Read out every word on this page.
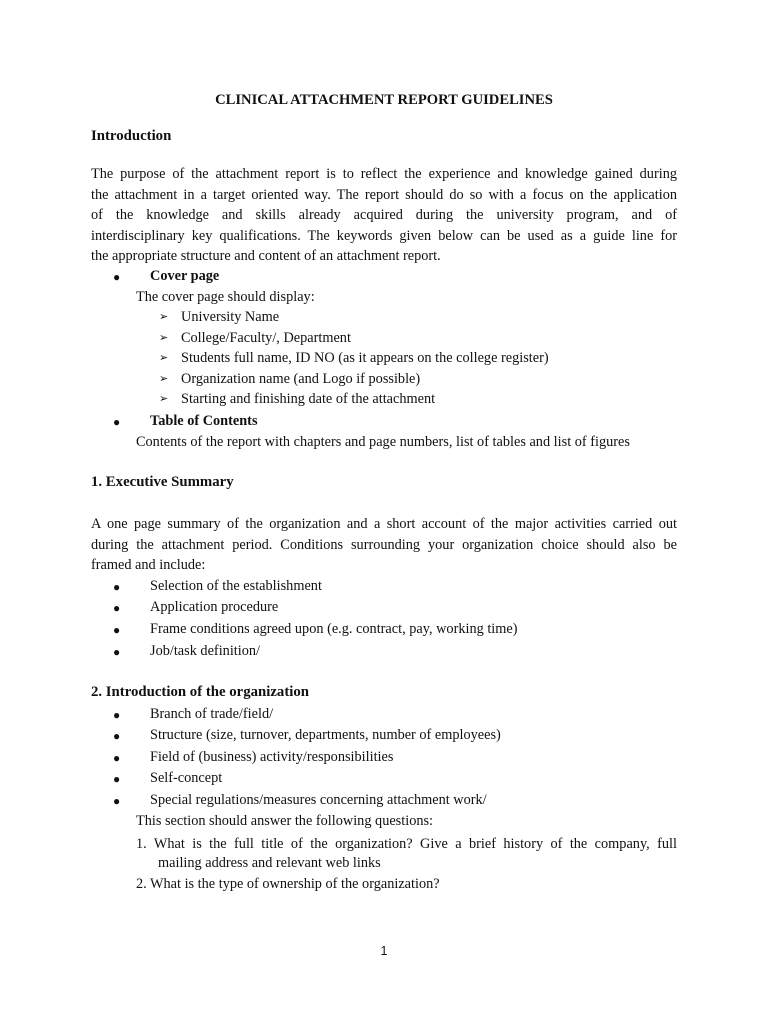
CLINICAL ATTACHMENT REPORT GUIDELINES
Introduction
The purpose of the attachment report is to reflect the experience and knowledge gained during
the attachment in a target oriented way. The report should do so with a focus on the application
of the knowledge and skills already acquired during the university program, and of
interdisciplinary key qualifications. The keywords given below can be used as a guide line for
the appropriate structure and content of an attachment report.
● Cover page
The cover page should display:
➢ University Name
➢ College/Faculty/, Department
➢ Students full name, ID NO (as it appears on the college register)
➢ Organization name (and Logo if possible)
➢ Starting and finishing date of the attachment
● Table of Contents
Contents of the report with chapters and page numbers, list of tables and list of figures
1. Executive Summary
A one page summary of the organization and a short account of the major activities carried out
during the attachment period. Conditions surrounding your organization choice should also be
framed and include:
● Selection of the establishment
● Application procedure
● Frame conditions agreed upon (e.g. contract, pay, working time)
● Job/task definition/
2. Introduction of the organization
● Branch of trade/field/
● Structure (size, turnover, departments, number of employees)
● Field of (business) activity/responsibilities
● Self-concept
● Special regulations/measures concerning attachment work/
This section should answer the following questions:
1. What is the full title of the organization? Give a brief history of the company, full
mailing address and relevant web links
2. What is the type of ownership of the organization?
1
